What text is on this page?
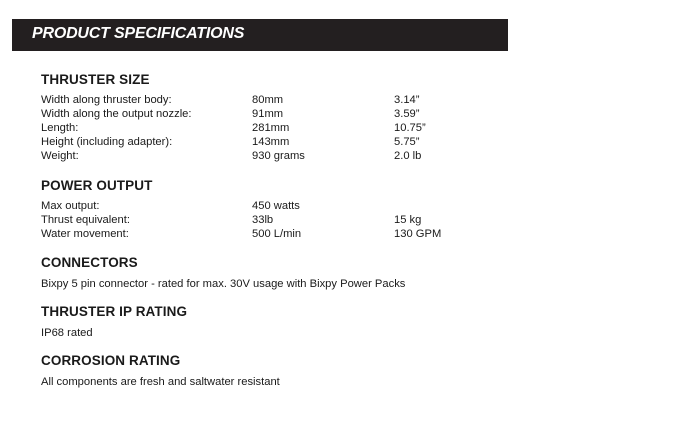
PRODUCT SPECIFICATIONS
THRUSTER SIZE
Width along thruster body:	80mm	3.14”
Width along the output nozzle:	91mm	3.59”
Length:	281mm	10.75”
Height (including adapter):	143mm	5.75”
Weight:	930 grams	2.0 lb
POWER OUTPUT
Max output:	450 watts
Thrust equivalent:	33lb	15 kg
Water movement:	500 L/min	130 GPM
CONNECTORS

Bixpy 5 pin connector - rated for max. 30V usage with Bixpy Power Packs

THRUSTER IP RATING

IP68 rated

CORROSION RATING

All components are fresh and saltwater resistant
